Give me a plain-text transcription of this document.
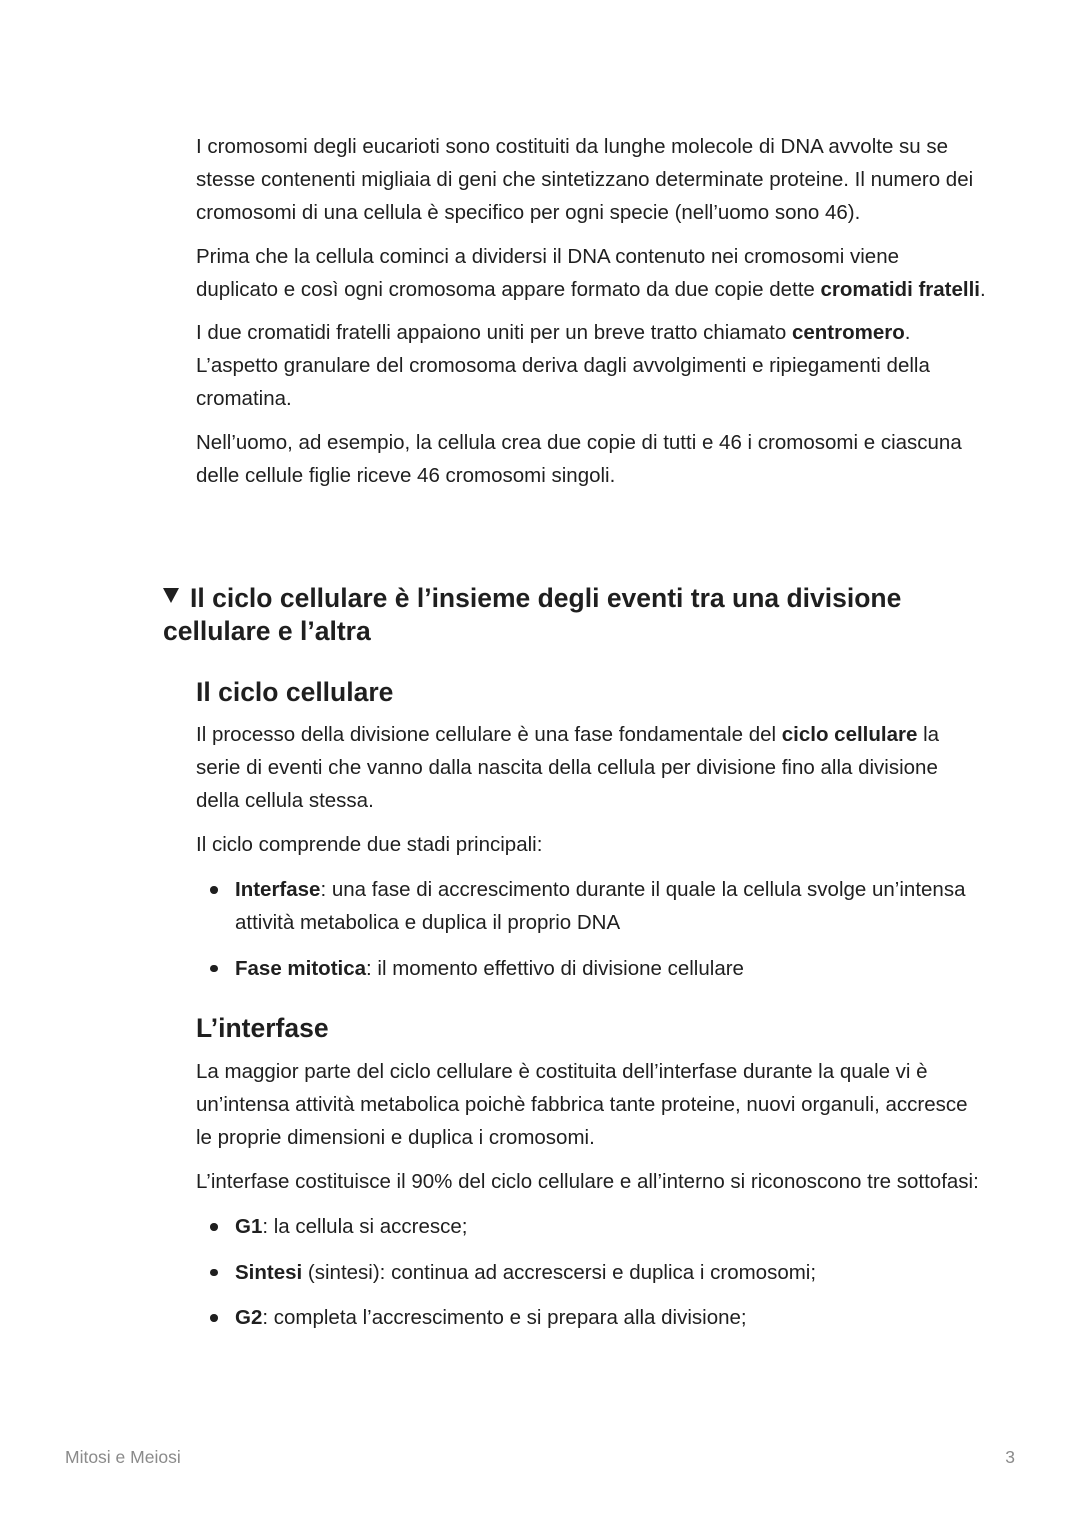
I cromosomi degli eucarioti sono costituiti da lunghe molecole di DNA avvolte su se stesse contenenti migliaia di geni che sintetizzano determinate proteine. Il numero dei cromosomi di una cellula è specifico per ogni specie (nell’uomo sono 46).

Prima che la cellula cominci a dividersi il DNA contenuto nei cromosomi viene duplicato e così ogni cromosoma appare formato da due copie dette cromatidi fratelli.

I due cromatidi fratelli appaiono uniti per un breve tratto chiamato centromero. L’aspetto granulare del cromosoma deriva dagli avvolgimenti e ripiegamenti della cromatina.

Nell’uomo, ad esempio, la cellula crea due copie di tutti e 46 i cromosomi e ciascuna delle cellule figlie riceve 46 cromosomi singoli.

Il ciclo cellulare è l’insieme degli eventi tra una divisione cellulare e l’altra
Il ciclo cellulare

Il processo della divisione cellulare è una fase fondamentale del ciclo cellulare la serie di eventi che vanno dalla nascita della cellula per divisione fino alla divisione della cellula stessa.

Il ciclo comprende due stadi principali:

Interfase: una fase di accrescimento durante il quale la cellula svolge un’intensa attività metabolica e duplica il proprio DNA
Fase mitotica: il momento effettivo di divisione cellulare
L’interfase

La maggior parte del ciclo cellulare è costituita dell’interfase durante la quale vi è un’intensa attività metabolica poichè fabbrica tante proteine, nuovi organuli, accresce le proprie dimensioni e duplica i cromosomi.

L’interfase costituisce il 90% del ciclo cellulare e all’interno si riconoscono tre sottofasi:

G1: la cellula si accresce;
Sintesi (sintesi): continua ad accrescersi e duplica i cromosomi;
G2: completa l’accrescimento e si prepara alla divisione;
Mitosi e Meiosi	3
